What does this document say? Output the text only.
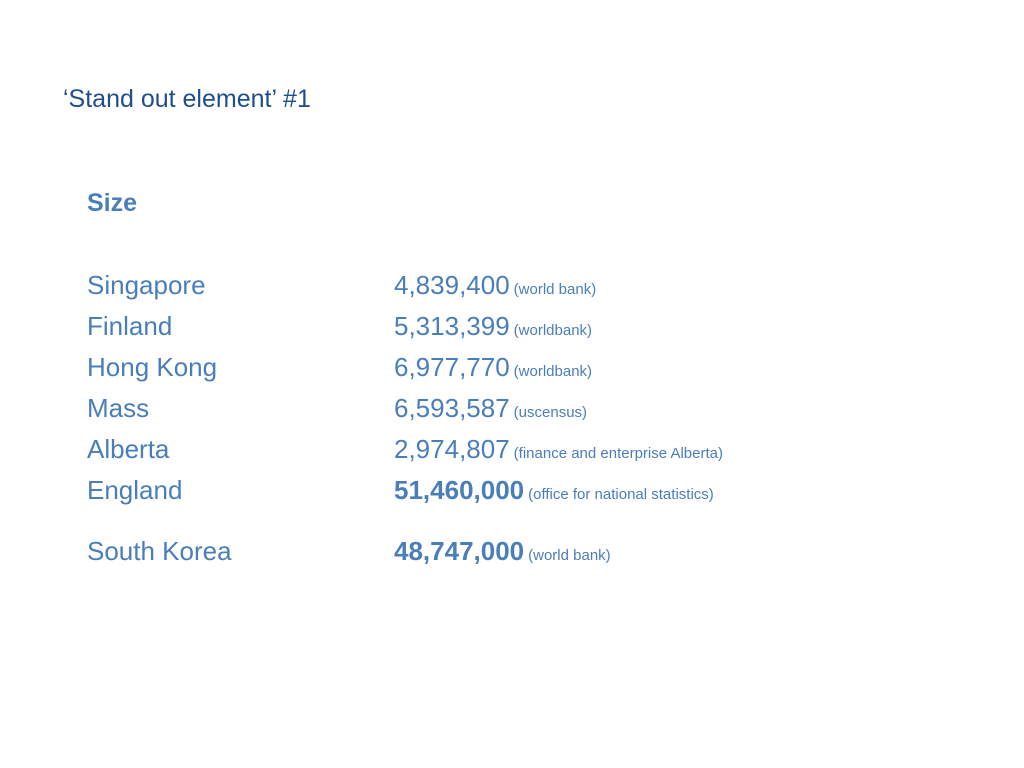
‘Stand out element’ #1
Size
Singapore	4,839,400 (world bank)
Finland	5,313,399 (worldbank)
Hong Kong	6,977,770 (worldbank)
Mass	6,593,587 (uscensus)
Alberta	2,974,807 (finance and enterprise Alberta)
England	51,460,000 (office for national statistics)
South Korea	48,747,000 (world bank)
